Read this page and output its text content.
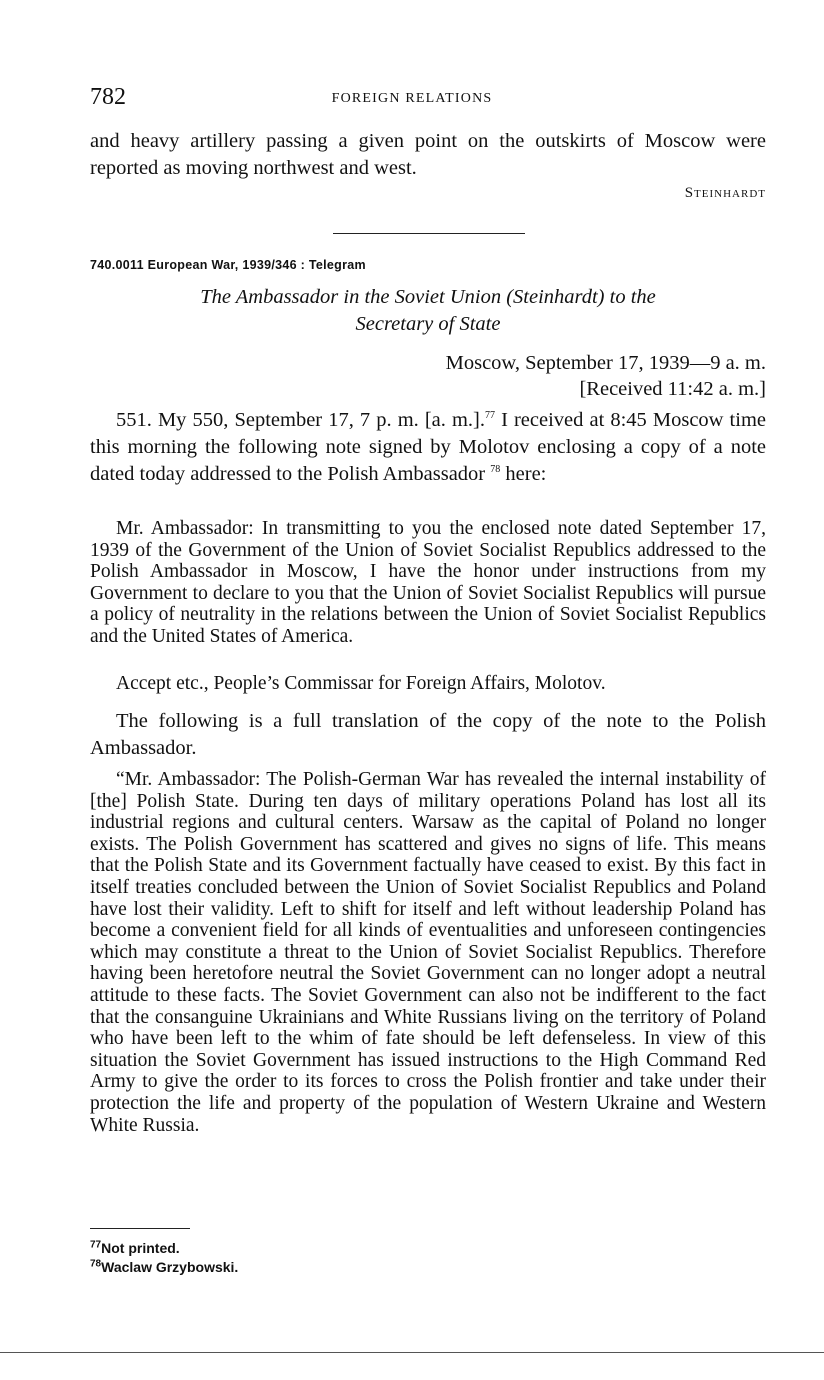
782	FOREIGN RELATIONS

and heavy artillery passing a given point on the outskirts of Moscow were reported as moving northwest and west.

Steinhardt
740.0011 European War, 1939/346 : Telegram
The Ambassador in the Soviet Union (Steinhardt) to the
Secretary of State
Moscow, September 17, 1939—9 a. m.
[Received 11:42 a. m.]

551. My 550, September 17, 7 p. m. [a. m.].$^{77}$ I received at 8:45 Moscow time this morning the following note signed by Molotov enclosing a copy of a note dated today addressed to the Polish Ambassador $^{78}$ here:

Mr. Ambassador: In transmitting to you the enclosed note dated September 17, 1939 of the Government of the Union of Soviet Socialist Republics addressed to the Polish Ambassador in Moscow, I have the honor under instructions from my Government to declare to you that the Union of Soviet Socialist Republics will pursue a policy of neutrality in the relations between the Union of Soviet Socialist Republics and the United States of America.

Accept etc., People’s Commissar for Foreign Affairs, Molotov.

The following is a full translation of the copy of the note to the Polish Ambassador.

“Mr. Ambassador: The Polish-German War has revealed the internal instability of [the] Polish State. During ten days of military operations Poland has lost all its industrial regions and cultural centers. Warsaw as the capital of Poland no longer exists. The Polish Government has scattered and gives no signs of life. This means that the Polish State and its Government factually have ceased to exist. By this fact in itself treaties concluded between the Union of Soviet Socialist Republics and Poland have lost their validity. Left to shift for itself and left without leadership Poland has become a convenient field for all kinds of eventualities and unforeseen contingencies which may constitute a threat to the Union of Soviet Socialist Republics. Therefore having been heretofore neutral the Soviet Government can no longer adopt a neutral attitude to these facts. The Soviet Government can also not be indifferent to the fact that the consanguine Ukrainians and White Russians living on the territory of Poland who have been left to the whim of fate should be left defenseless. In view of this situation the Soviet Government has issued instructions to the High Command Red Army to give the order to its forces to cross the Polish frontier and take under their protection the life and property of the population of Western Ukraine and Western White Russia.

$^{77}$Not printed.
$^{78}$Waclaw Grzybowski.
